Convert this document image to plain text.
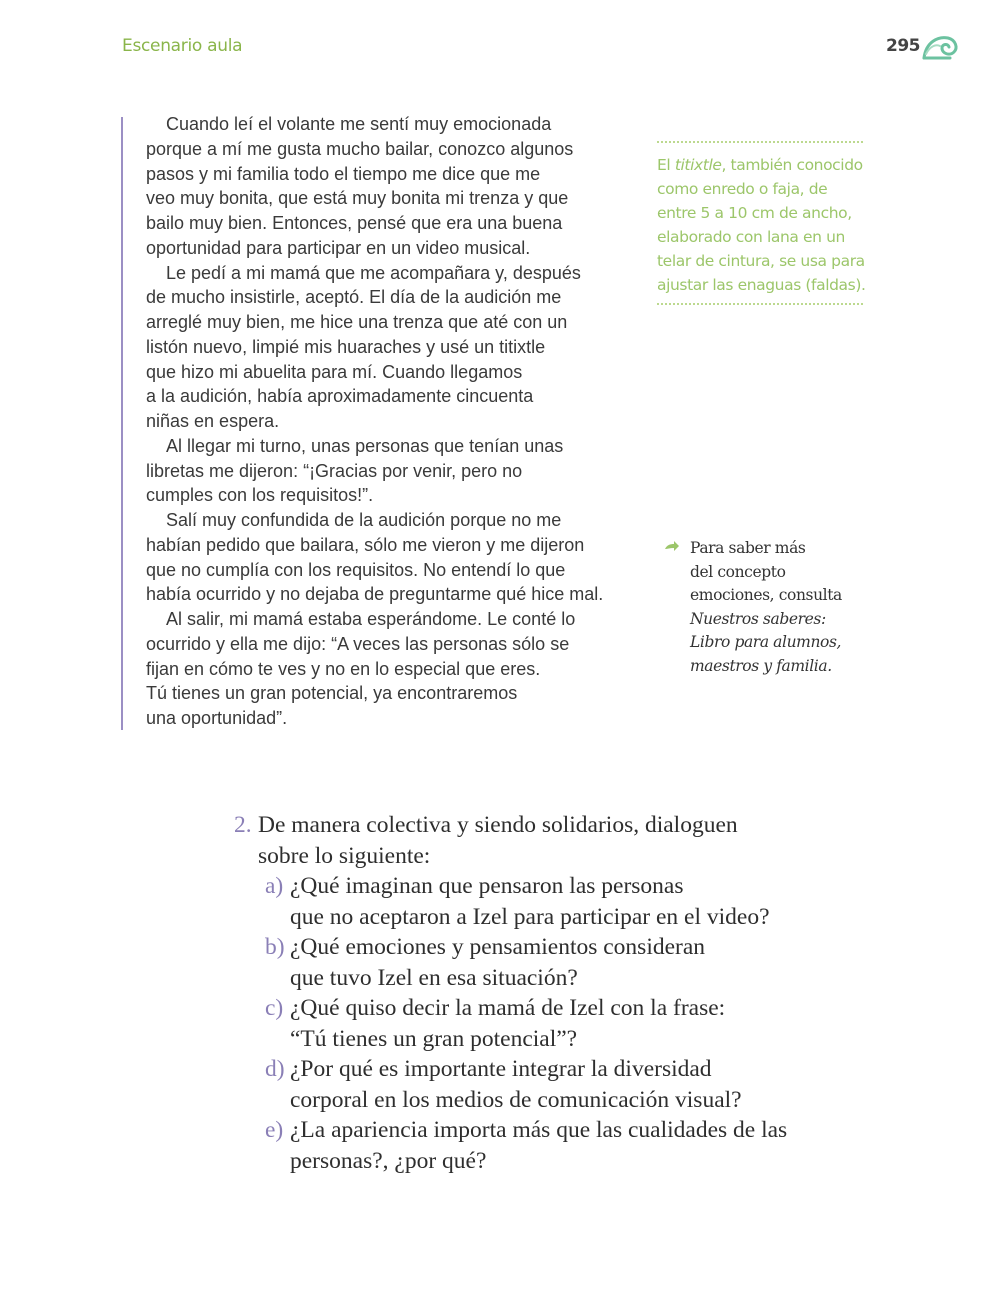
Escenario aula	295
Cuando leí el volante me sentí muy emocionada
porque a mí me gusta mucho bailar, conozco algunos
pasos y mi familia todo el tiempo me dice que me
veo muy bonita, que está muy bonita mi trenza y que
bailo muy bien. Entonces, pensé que era una buena
oportunidad para participar en un video musical.
Le pedí a mi mamá que me acompañara y, después
de mucho insistirle, aceptó. El día de la audición me
arreglé muy bien, me hice una trenza que até con un
listón nuevo, limpié mis huaraches y usé un titixtle
que hizo mi abuelita para mí. Cuando llegamos
a la audición, había aproximadamente cincuenta
niñas en espera.
Al llegar mi turno, unas personas que tenían unas
libretas me dijeron: “¡Gracias por venir, pero no
cumples con los requisitos!”.
Salí muy confundida de la audición porque no me
habían pedido que bailara, sólo me vieron y me dijeron
que no cumplía con los requisitos. No entendí lo que
había ocurrido y no dejaba de preguntarme qué hice mal.
Al salir, mi mamá estaba esperándome. Le conté lo
ocurrido y ella me dijo: “A veces las personas sólo se
fijan en cómo te ves y no en lo especial que eres.
Tú tienes un gran potencial, ya encontraremos
una oportunidad”.
El titixtle, también conocido
como enredo o faja, de
entre 5 a 10 cm de ancho,
elaborado con lana en un
telar de cintura, se usa para
ajustar las enaguas (faldas).
Para saber más
del concepto
emociones, consulta
Nuestros saberes:
Libro para alumnos,
maestros y familia.
2. De manera colectiva y siendo solidarios, dialoguen
sobre lo siguiente:
a) ¿Qué imaginan que pensaron las personas
que no aceptaron a Izel para participar en el video?
b) ¿Qué emociones y pensamientos consideran
que tuvo Izel en esa situación?
c) ¿Qué quiso decir la mamá de Izel con la frase:
“Tú tienes un gran potencial”?
d) ¿Por qué es importante integrar la diversidad
corporal en los medios de comunicación visual?
e) ¿La apariencia importa más que las cualidades de las
personas?, ¿por qué?
